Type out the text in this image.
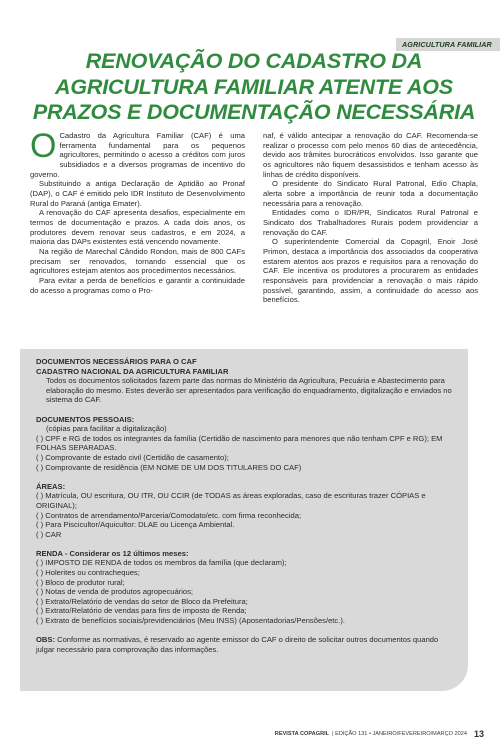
AGRICULTURA FAMILIAR
RENOVAÇÃO DO CADASTRO DA
AGRICULTURA FAMILIAR ATENTE AOS
PRAZOS E DOCUMENTAÇÃO NECESSÁRIA

O Cadastro da Agricultura Familiar (CAF) é uma ferramenta fundamental para os pequenos agricultores, permitindo o acesso a créditos com juros subsidiados e a diversos programas de incentivo do governo.

Substituindo a antiga Declaração de Aptidão ao Pronaf (DAP), o CAF é emitido pelo IDR Instituto de Desenvolvimento Rural do Paraná (antiga Emater).

A renovação do CAF apresenta desafios, especialmente em termos de documentação e prazos. A cada dois anos, os produtores devem renovar seus cadastros, e em 2024, a maioria das DAPs existentes está vencendo novamente.

Na região de Marechal Cândido Rondon, mais de 800 CAFs precisam ser renovados, tornando essencial que os agricultores estejam atentos aos procedimentos necessários.

Para evitar a perda de benefícios e garantir a continuidade do acesso a programas como o Pro-

naf, é válido antecipar a renovação do CAF. Recomenda-se realizar o processo com pelo menos 60 dias de antecedência, devido aos trâmites burocráticos envolvidos. Isso garante que os agricultores não fiquem desassistidos e tenham acesso às linhas de crédito disponíveis.

O presidente do Sindicato Rural Patronal, Edio Chapla, alerta sobre a importância de reunir toda a documentação necessária para a renovação.

Entidades como o IDR/PR, Sindicatos Rural Patronal e Sindicato dos Trabalhadores Rurais podem providenciar a renovação do CAF.

O superintendente Comercial da Copagril, Enoir José Primon, destaca a importância dos associados da cooperativa estarem atentos aos prazos e requisitos para a renovação do CAF. Ele incentiva os produtores a procurarem as entidades responsáveis para providenciar a renovação o mais rápido possível, garantindo, assim, a continuidade do acesso aos benefícios.

DOCUMENTOS NECESSÁRIOS PARA O CAF

CADASTRO NACIONAL DA AGRICULTURA FAMILIAR

Todos os documentos solicitados fazem parte das normas do Ministério da Agricultura, Pecuária e Abastecimento para elaboração do mesmo. Estes deverão ser apresentados para verificação do enquadramento, digitalização e enviados no sistema do CAF.

DOCUMENTOS PESSOAIS:

(cópias para facilitar a digitalização)

( ) CPF e RG de todos os integrantes da família (Certidão de nascimento para menores que não tenham CPF e RG); EM FOLHAS SEPARADAS.

( ) Comprovante de estado civil (Certidão de casamento);

( ) Comprovante de residência (EM NOME DE UM DOS TITULARES DO CAF)

ÁREAS:

( ) Matrícula, OU escritura, OU ITR, OU CCIR (de TODAS as áreas exploradas, caso de escrituras trazer CÓPIAS e ORIGINAL);

( ) Contratos de arrendamento/Parceria/Comodato/etc. com firma reconhecida;

( ) Para Piscicultor/Aquicultor: DLAE ou Licença Ambiental.

( ) CAR

RENDA - Considerar os 12 últimos meses:

( ) IMPOSTO DE RENDA de todos os membros da família (que declaram);

( ) Holerites ou contracheques;

( ) Bloco de produtor rural;

( ) Notas de venda de produtos agropecuários;

( ) Extrato/Relatório de vendas do setor de Bloco da Prefeitura;

( ) Extrato/Relatório de vendas para fins de imposto de Renda;

( ) Extrato de benefícios sociais/previdenciários (Meu INSS) (Aposentadorias/Pensões/etc.).

OBS: Conforme as normativas, é reservado ao agente emissor do CAF o direito de solicitar outros documentos quando julgar necessário para comprovação das informações.

REVISTA COPAGRIL | EDIÇÃO 131 • JANEIRO/FEVEREIRO/MARÇO 2024 13
